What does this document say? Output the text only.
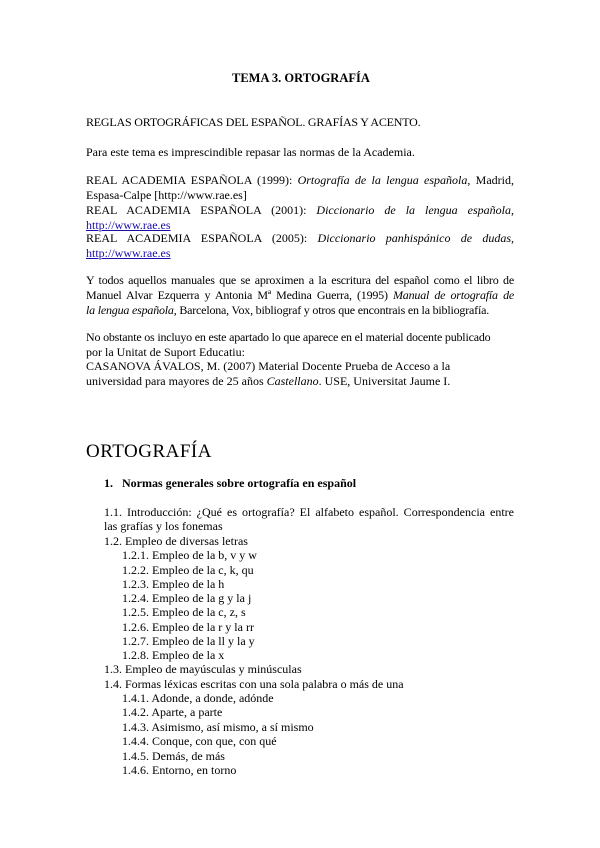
TEMA 3. ORTOGRAFÍA
REGLAS ORTOGRÁFICAS DEL ESPAÑOL. GRAFÍAS Y ACENTO.
Para este tema es imprescindible repasar las normas de la Academia.
REAL ACADEMIA ESPAÑOLA (1999): Ortografía de la lengua española, Madrid,
Espasa-Calpe [http://www.rae.es]
REAL ACADEMIA ESPAÑOLA (2001): Diccionario de la lengua española,
http://www.rae.es
REAL ACADEMIA ESPAÑOLA (2005): Diccionario panhispánico de dudas,
http://www.rae.es
Y todos aquellos manuales que se aproximen a la escritura del español como el libro de
Manuel Alvar Ezquerra y Antonia Mª Medina Guerra, (1995) Manual de ortografía de
la lengua española, Barcelona, Vox, bibliograf y otros que encontrais en la bibliografía.
No obstante os incluyo en este apartado lo que aparece en el material docente publicado
por la Unitat de Suport Educatiu:
CASANOVA ÁVALOS, M. (2007) Material Docente Prueba de Acceso a la
universidad para mayores de 25 años Castellano. USE, Universitat Jaume I.
ORTOGRAFÍA
1. Normas generales sobre ortografía en español
1.1. Introducción: ¿Qué es ortografía? El alfabeto español. Correspondencia entre
las grafías y los fonemas
1.2. Empleo de diversas letras
1.2.1. Empleo de la b, v y w
1.2.2. Empleo de la c, k, qu
1.2.3. Empleo de la h
1.2.4. Empleo de la g y la j
1.2.5. Empleo de la c, z, s
1.2.6. Empleo de la r y la rr
1.2.7. Empleo de la ll y la y
1.2.8. Empleo de la x
1.3. Empleo de mayúsculas y minúsculas
1.4. Formas léxicas escritas con una sola palabra o más de una
1.4.1. Adonde, a donde, adónde
1.4.2. Aparte, a parte
1.4.3. Asimismo, así mismo, a sí mismo
1.4.4. Conque, con que, con qué
1.4.5. Demás, de más
1.4.6. Entorno, en torno
